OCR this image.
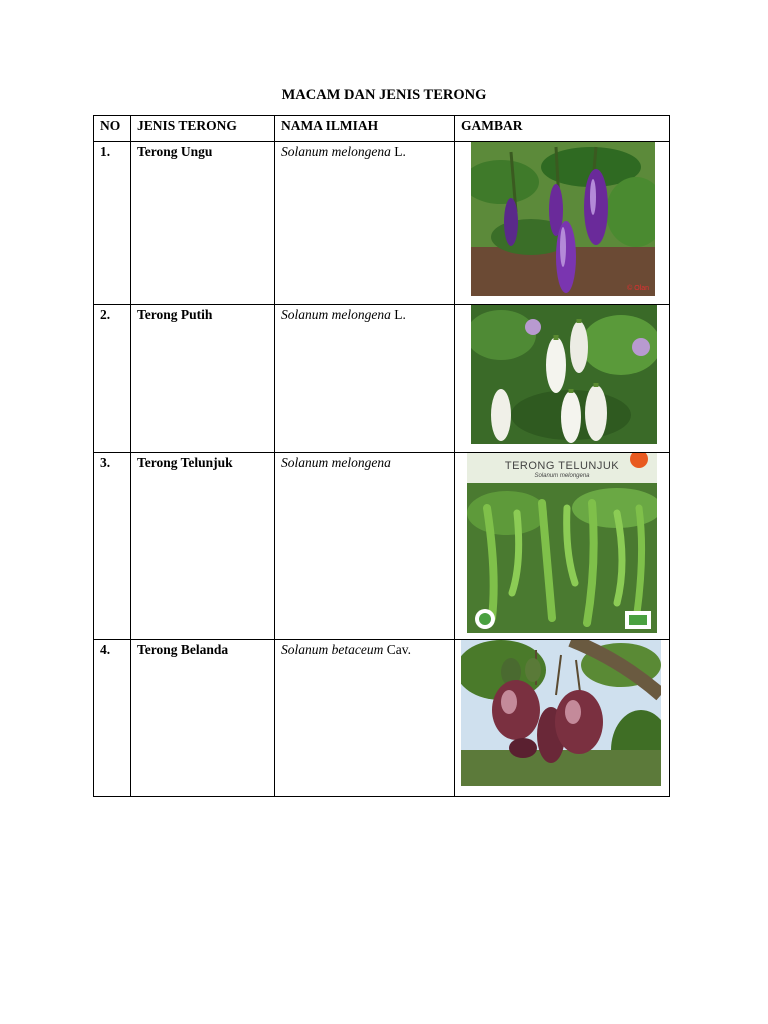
MACAM DAN JENIS TERONG
NO	JENIS TERONG	NAMA ILMIAH	GAMBAR
1.	Terong Ungu	Solanum melongena L.	© Olan

2.	Terong Putih	Solanum melongena L.	

3.	Terong Telunjuk	Solanum melongena	TERONG TELUNJUK
Solanum melongena

4.	Terong Belanda	Solanum betaceum Cav.	
